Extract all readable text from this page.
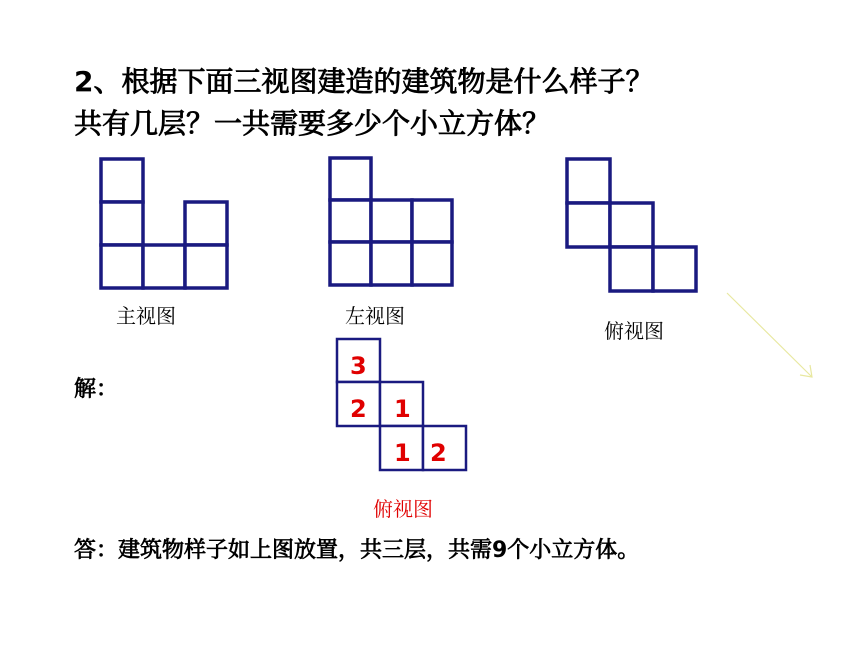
2、根据下面三视图建造的建筑物是什么样子？
共有几层？一共需要多少个小立方体？
3
2 1
1 2
主视图	左视图
俯视图
解：
俯视图
答：建筑物样子如上图放置，共三层，共需9个小立方体。
